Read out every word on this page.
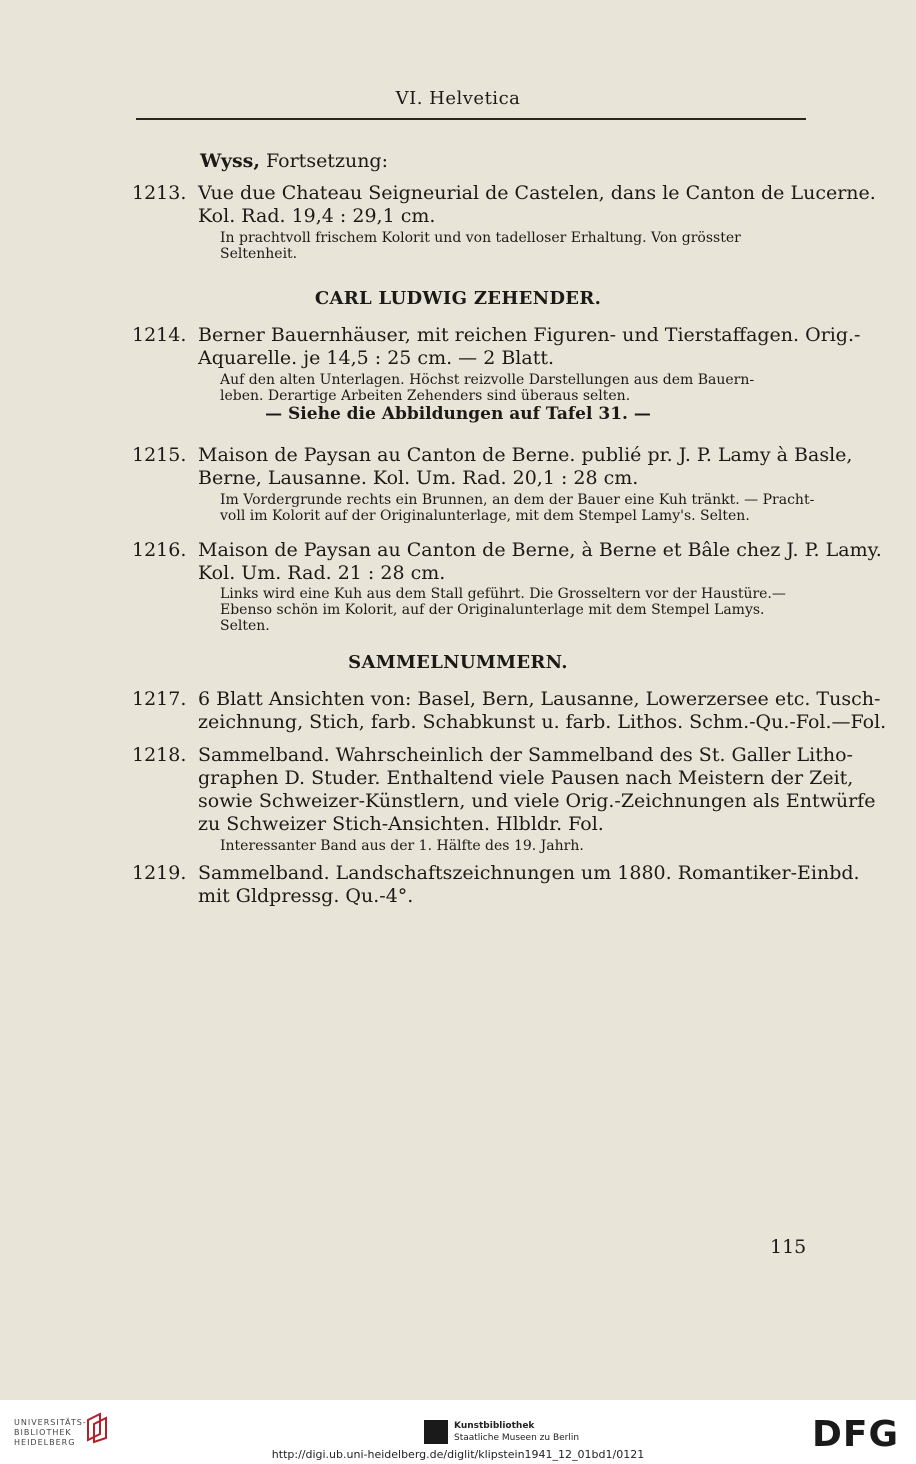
VI. Helvetica
Wyss, Fortsetzung:
1213. Vue due Chateau Seigneurial de Castelen, dans le Canton de Lucerne.
Kol. Rad. 19,4 : 29,1 cm.
In prachtvoll frischem Kolorit und von tadelloser Erhaltung. Von grösster
Seltenheit.
CARL LUDWIG ZEHENDER.
1214. Berner Bauernhäuser, mit reichen Figuren- und Tierstaffagen. Orig.-
Aquarelle. je 14,5 : 25 cm. — 2 Blatt.
Auf den alten Unterlagen. Höchst reizvolle Darstellungen aus dem Bauern-
leben. Derartige Arbeiten Zehenders sind überaus selten.
— Siehe die Abbildungen auf Tafel 31. —
1215. Maison de Paysan au Canton de Berne. publié pr. J. P. Lamy à Basle,
Berne, Lausanne. Kol. Um. Rad. 20,1 : 28 cm.
Im Vordergrunde rechts ein Brunnen, an dem der Bauer eine Kuh tränkt. — Pracht-
voll im Kolorit auf der Originalunterlage, mit dem Stempel Lamy's. Selten.
1216. Maison de Paysan au Canton de Berne, à Berne et Bâle chez J. P. Lamy.
Kol. Um. Rad. 21 : 28 cm.
Links wird eine Kuh aus dem Stall geführt. Die Grosseltern vor der Haustüre.—
Ebenso schön im Kolorit, auf der Originalunterlage mit dem Stempel Lamys.
Selten.
SAMMELNUMMERN.
1217. 6 Blatt Ansichten von: Basel, Bern, Lausanne, Lowerzersee etc. Tusch-
zeichnung, Stich, farb. Schabkunst u. farb. Lithos. Schm.-Qu.-Fol.—Fol.
1218. Sammelband. Wahrscheinlich der Sammelband des St. Galler Litho-
graphen D. Studer. Enthaltend viele Pausen nach Meistern der Zeit,
sowie Schweizer-Künstlern, und viele Orig.-Zeichnungen als Entwürfe
zu Schweizer Stich-Ansichten. Hlbldr. Fol.
Interessanter Band aus der 1. Hälfte des 19. Jahrh.
1219. Sammelband. Landschaftszeichnungen um 1880. Romantiker-Einbd.
mit Gldpressg. Qu.-4°.
115
UNIVERSITÄTS-
BIBLIOTHEK
HEIDELBERG
Kunstbibliothek
Staatliche Museen zu Berlin	DFG
http://digi.ub.uni-heidelberg.de/diglit/klipstein1941_12_01bd1/0121
